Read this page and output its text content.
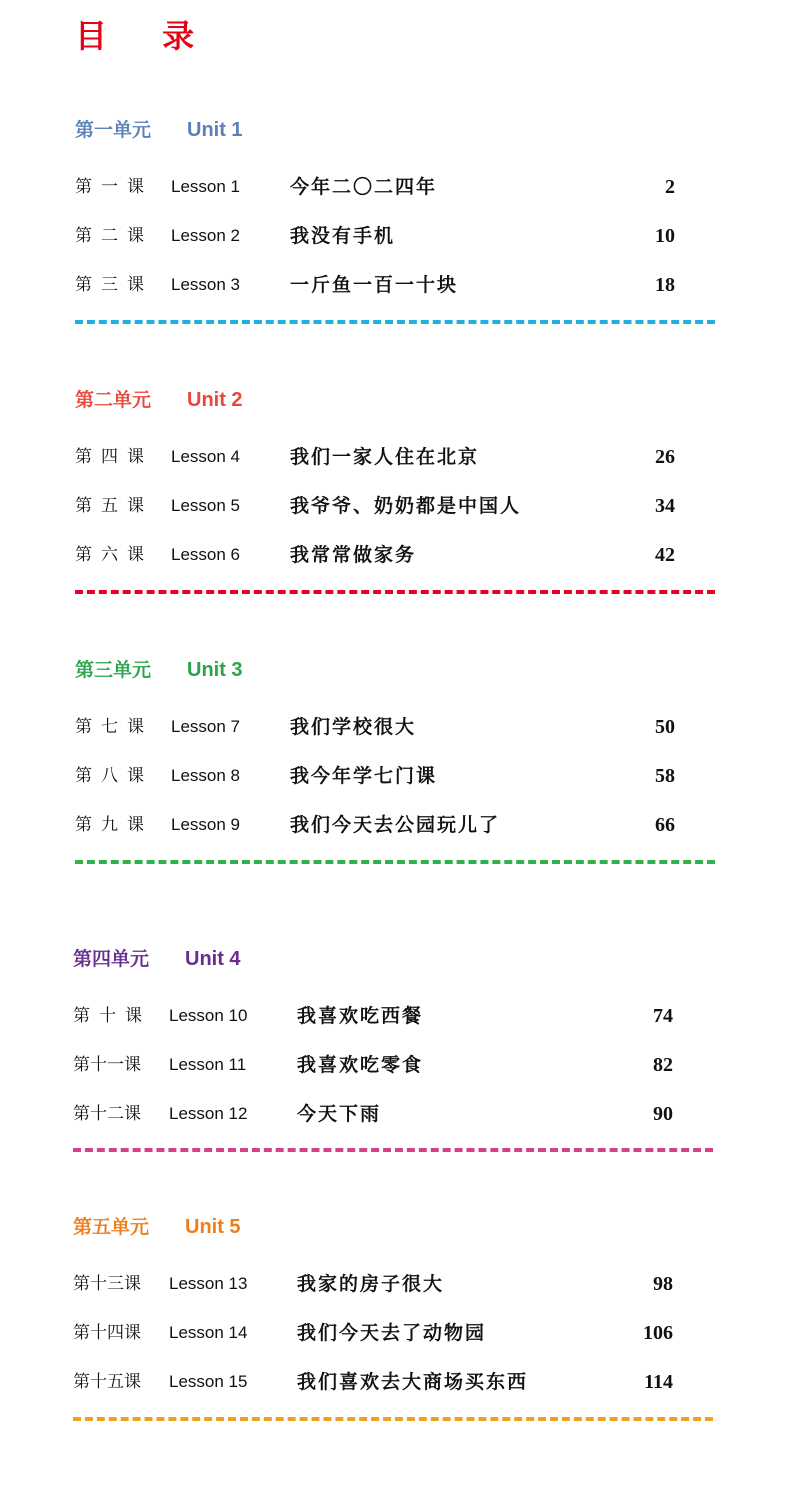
目 录
第一单元 Unit 1
第一课 Lesson 1	今年二〇二四年	2
第二课 Lesson 2	我没有手机	10
第三课 Lesson 3	一斤鱼一百一十块	18
第二单元 Unit 2
第四课 Lesson 4	我们一家人住在北京	26
第五课 Lesson 5	我爷爷、奶奶都是中国人	34
第六课 Lesson 6	我常常做家务	42
第三单元 Unit 3
第七课 Lesson 7	我们学校很大	50
第八课 Lesson 8	我今年学七门课	58
第九课 Lesson 9	我们今天去公园玩儿了	66
第四单元 Unit 4
第十课 Lesson 10	我喜欢吃西餐	74
第十一课 Lesson 11	我喜欢吃零食	82
第十二课 Lesson 12	今天下雨	90
第五单元 Unit 5
第十三课 Lesson 13	我家的房子很大	98
第十四课 Lesson 14	我们今天去了动物园	106
第十五课 Lesson 15	我们喜欢去大商场买东西	114
